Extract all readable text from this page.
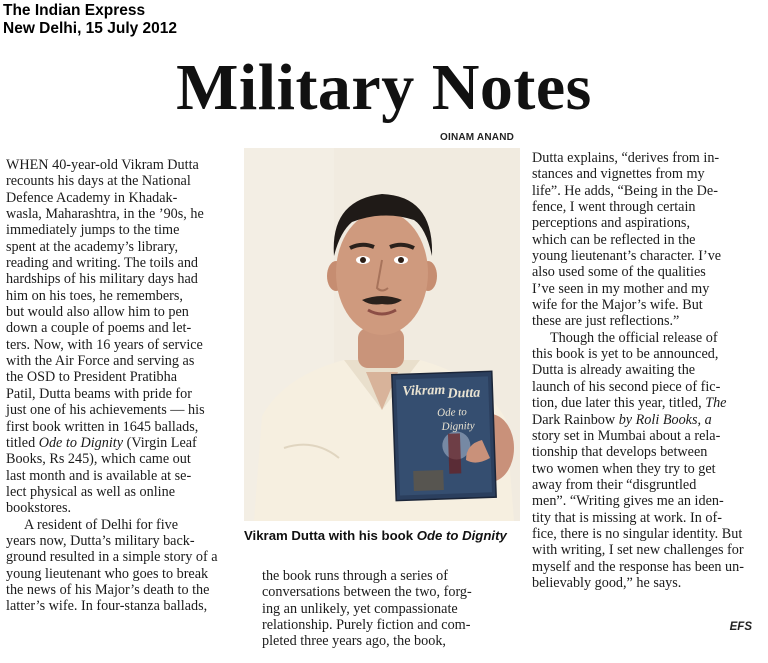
The Indian Express
New Delhi, 15 July 2012
Military Notes
OINAM ANAND

WHEN 40-year-old Vikram Dutta

recounts his days at the National

Defence Academy in Khadak-

wasla, Maharashtra, in the ’90s, he

immediately jumps to the time

spent at the academy’s library,

reading and writing. The toils and

hardships of his military days had

him on his toes, he remembers,

but would also allow him to pen

down a couple of poems and let-

ters. Now, with 16 years of service

with the Air Force and serving as

the OSD to President Pratibha

Patil, Dutta beams with pride for

just one of his achievements — his

first book written in 1645 ballads,

titled Ode to Dignity (Virgin Leaf

Books, Rs 245), which came out

last month and is available at se-

lect physical as well as online

bookstores.

A resident of Delhi for five

years now, Dutta’s military back-

ground resulted in a simple story of a

young lieutenant who goes to break

the news of his Major’s death to the

latter’s wife. In four-stanza ballads,

Vikram Dutta
Ode to
Dignity
Vikram Dutta with his book Ode to Dignity

the book runs through a series of

conversations between the two, forg-

ing an unlikely, yet compassionate

relationship. Purely fiction and com-

pleted three years ago, the book,

Dutta explains, “derives from in-

stances and vignettes from my

life”. He adds, “Being in the De-

fence, I went through certain

perceptions and aspirations,

which can be reflected in the

young lieutenant’s character. I’ve

also used some of the qualities

I’ve seen in my mother and my

wife for the Major’s wife. But

these are just reflections.”

Though the official release of

this book is yet to be announced,

Dutta is already awaiting the

launch of his second piece of fic-

tion, due later this year, titled, The

Dark Rainbow by Roli Books, a

story set in Mumbai about a rela-

tionship that develops between

two women when they try to get

away from their “disgruntled

men”. “Writing gives me an iden-

tity that is missing at work. In of-

fice, there is no singular identity. But

with writing, I set new challenges for

myself and the response has been un-

believably good,” he says.

EFS
